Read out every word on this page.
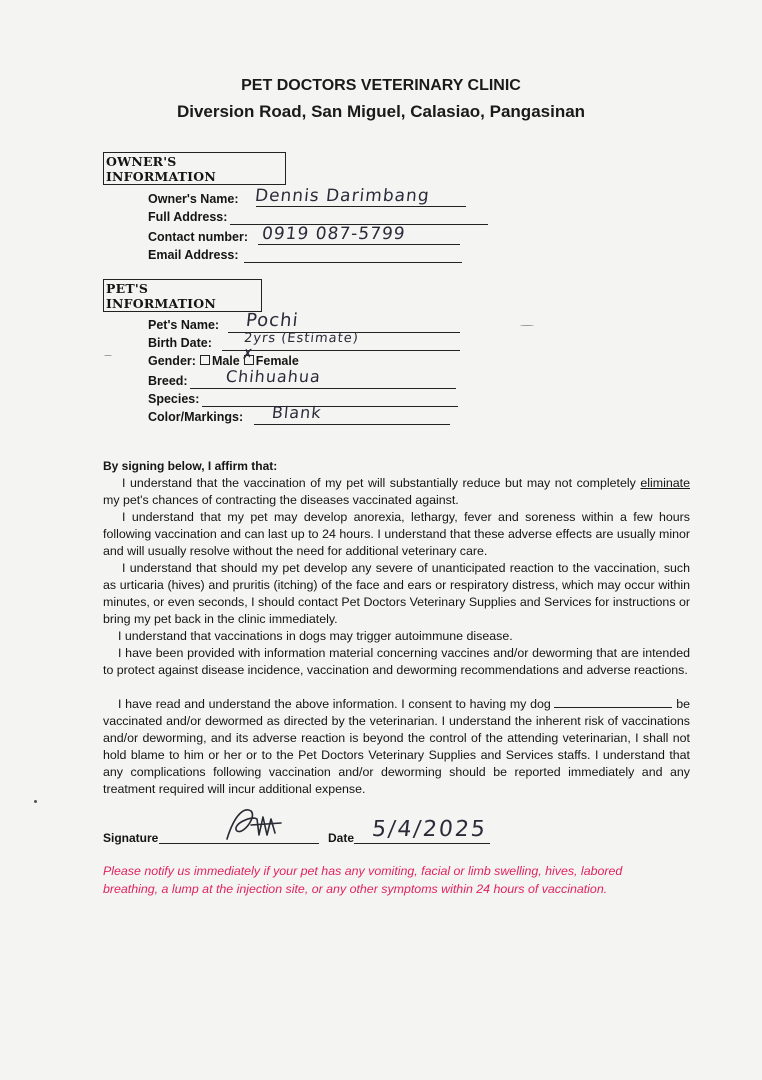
PET DOCTORS VETERINARY CLINIC
Diversion Road, San Miguel, Calasiao, Pangasinan
OWNER'S INFORMATION
Owner's Name: Dennis Darimbang
Full Address:
Contact number: 0919 087-5799
Email Address:
PET'S INFORMATION
Pet's Name: Pochi
Birth Date: 2yrs (Estimate)
Gender: Male ✗ Female
Breed: Chihuahua
Species:
Color/Markings: Blank
By signing below, I affirm that:

I understand that the vaccination of my pet will substantially reduce but may not completely eliminate my pet's chances of contracting the diseases vaccinated against.

I understand that my pet may develop anorexia, lethargy, fever and soreness within a few hours following vaccination and can last up to 24 hours. I understand that these adverse effects are usually minor and will usually resolve without the need for additional veterinary care.

I understand that should my pet develop any severe of unanticipated reaction to the vaccination, such as urticaria (hives) and pruritis (itching) of the face and ears or respiratory distress, which may occur within minutes, or even seconds, I should contact Pet Doctors Veterinary Supplies and Services for instructions or bring my pet back in the clinic immediately.

I understand that vaccinations in dogs may trigger autoimmune disease.

I have been provided with information material concerning vaccines and/or deworming that are intended to protect against disease incidence, vaccination and deworming recommendations and adverse reactions.

I have read and understand the above information. I consent to having my dog	be vaccinated and/or dewormed as directed by the veterinarian. I understand the inherent risk of vaccinations and/or deworming, and its adverse reaction is beyond the control of the attending veterinarian, I shall not hold blame to him or her or to the Pet Doctors Veterinary Supplies and Services staffs. I understand that any complications following vaccination and/or deworming should be reported immediately and any treatment required will incur additional expense.

Signature	Date 5/4/2025
Please notify us immediately if your pet has any vomiting, facial or limb swelling, hives, labored breathing, a lump at the injection site, or any other symptoms within 24 hours of vaccination.
